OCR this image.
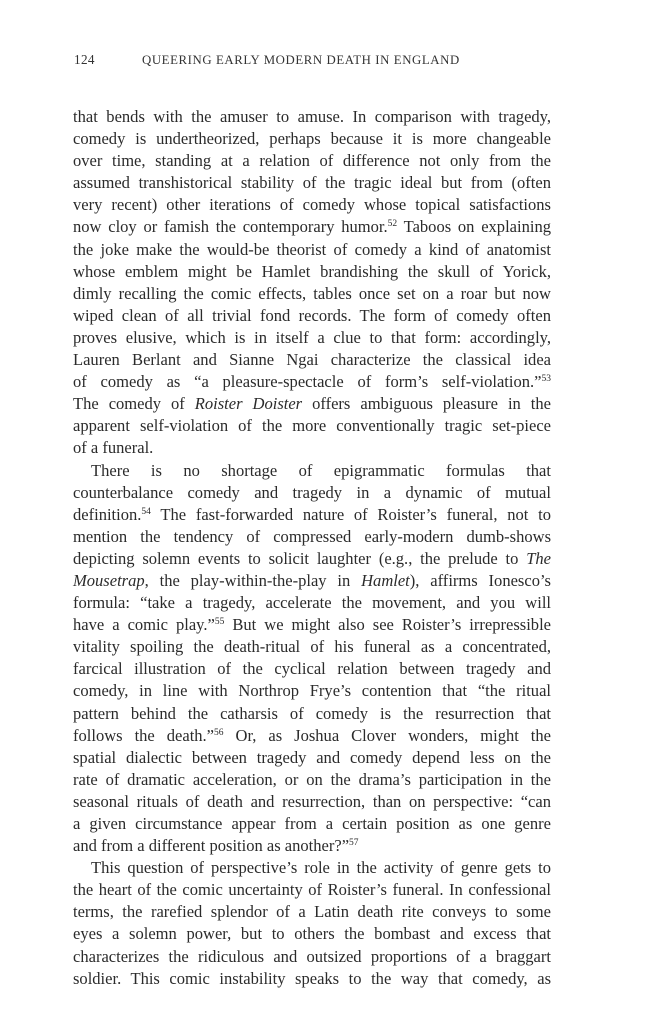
124	QUEERING EARLY MODERN DEATH IN ENGLAND
that bends with the amuser to amuse. In comparison with tragedy,
comedy is undertheorized, perhaps because it is more changeable
over time, standing at a relation of difference not only from the
assumed transhistorical stability of the tragic ideal but from (often
very recent) other iterations of comedy whose topical satisfactions
now cloy or famish the contemporary humor.$^{52}$ Taboos on explaining
the joke make the would-be theorist of comedy a kind of anatomist
whose emblem might be Hamlet brandishing the skull of Yorick,
dimly recalling the comic effects, tables once set on a roar but now
wiped clean of all trivial fond records. The form of comedy often
proves elusive, which is in itself a clue to that form: accordingly,
Lauren Berlant and Sianne Ngai characterize the classical idea
of comedy as “a pleasure-spectacle of form’s self-violation.”$^{53}$
The comedy of Roister Doister offers ambiguous pleasure in the
apparent self-violation of the more conventionally tragic set-piece
of a funeral.
There is no shortage of epigrammatic formulas that
counterbalance comedy and tragedy in a dynamic of mutual
definition.$^{54}$ The fast-forwarded nature of Roister’s funeral, not to
mention the tendency of compressed early-modern dumb-shows
depicting solemn events to solicit laughter (e.g., the prelude to The
Mousetrap, the play-within-the-play in Hamlet), affirms Ionesco’s
formula: “take a tragedy, accelerate the movement, and you will
have a comic play.”$^{55}$ But we might also see Roister’s irrepressible
vitality spoiling the death-ritual of his funeral as a concentrated,
farcical illustration of the cyclical relation between tragedy and
comedy, in line with Northrop Frye’s contention that “the ritual
pattern behind the catharsis of comedy is the resurrection that
follows the death.”$^{56}$ Or, as Joshua Clover wonders, might the
spatial dialectic between tragedy and comedy depend less on the
rate of dramatic acceleration, or on the drama’s participation in the
seasonal rituals of death and resurrection, than on perspective: “can
a given circumstance appear from a certain position as one genre
and from a different position as another?”$^{57}$
This question of perspective’s role in the activity of genre gets to
the heart of the comic uncertainty of Roister’s funeral. In confessional
terms, the rarefied splendor of a Latin death rite conveys to some
eyes a solemn power, but to others the bombast and excess that
characterizes the ridiculous and outsized proportions of a braggart
soldier. This comic instability speaks to the way that comedy, as
